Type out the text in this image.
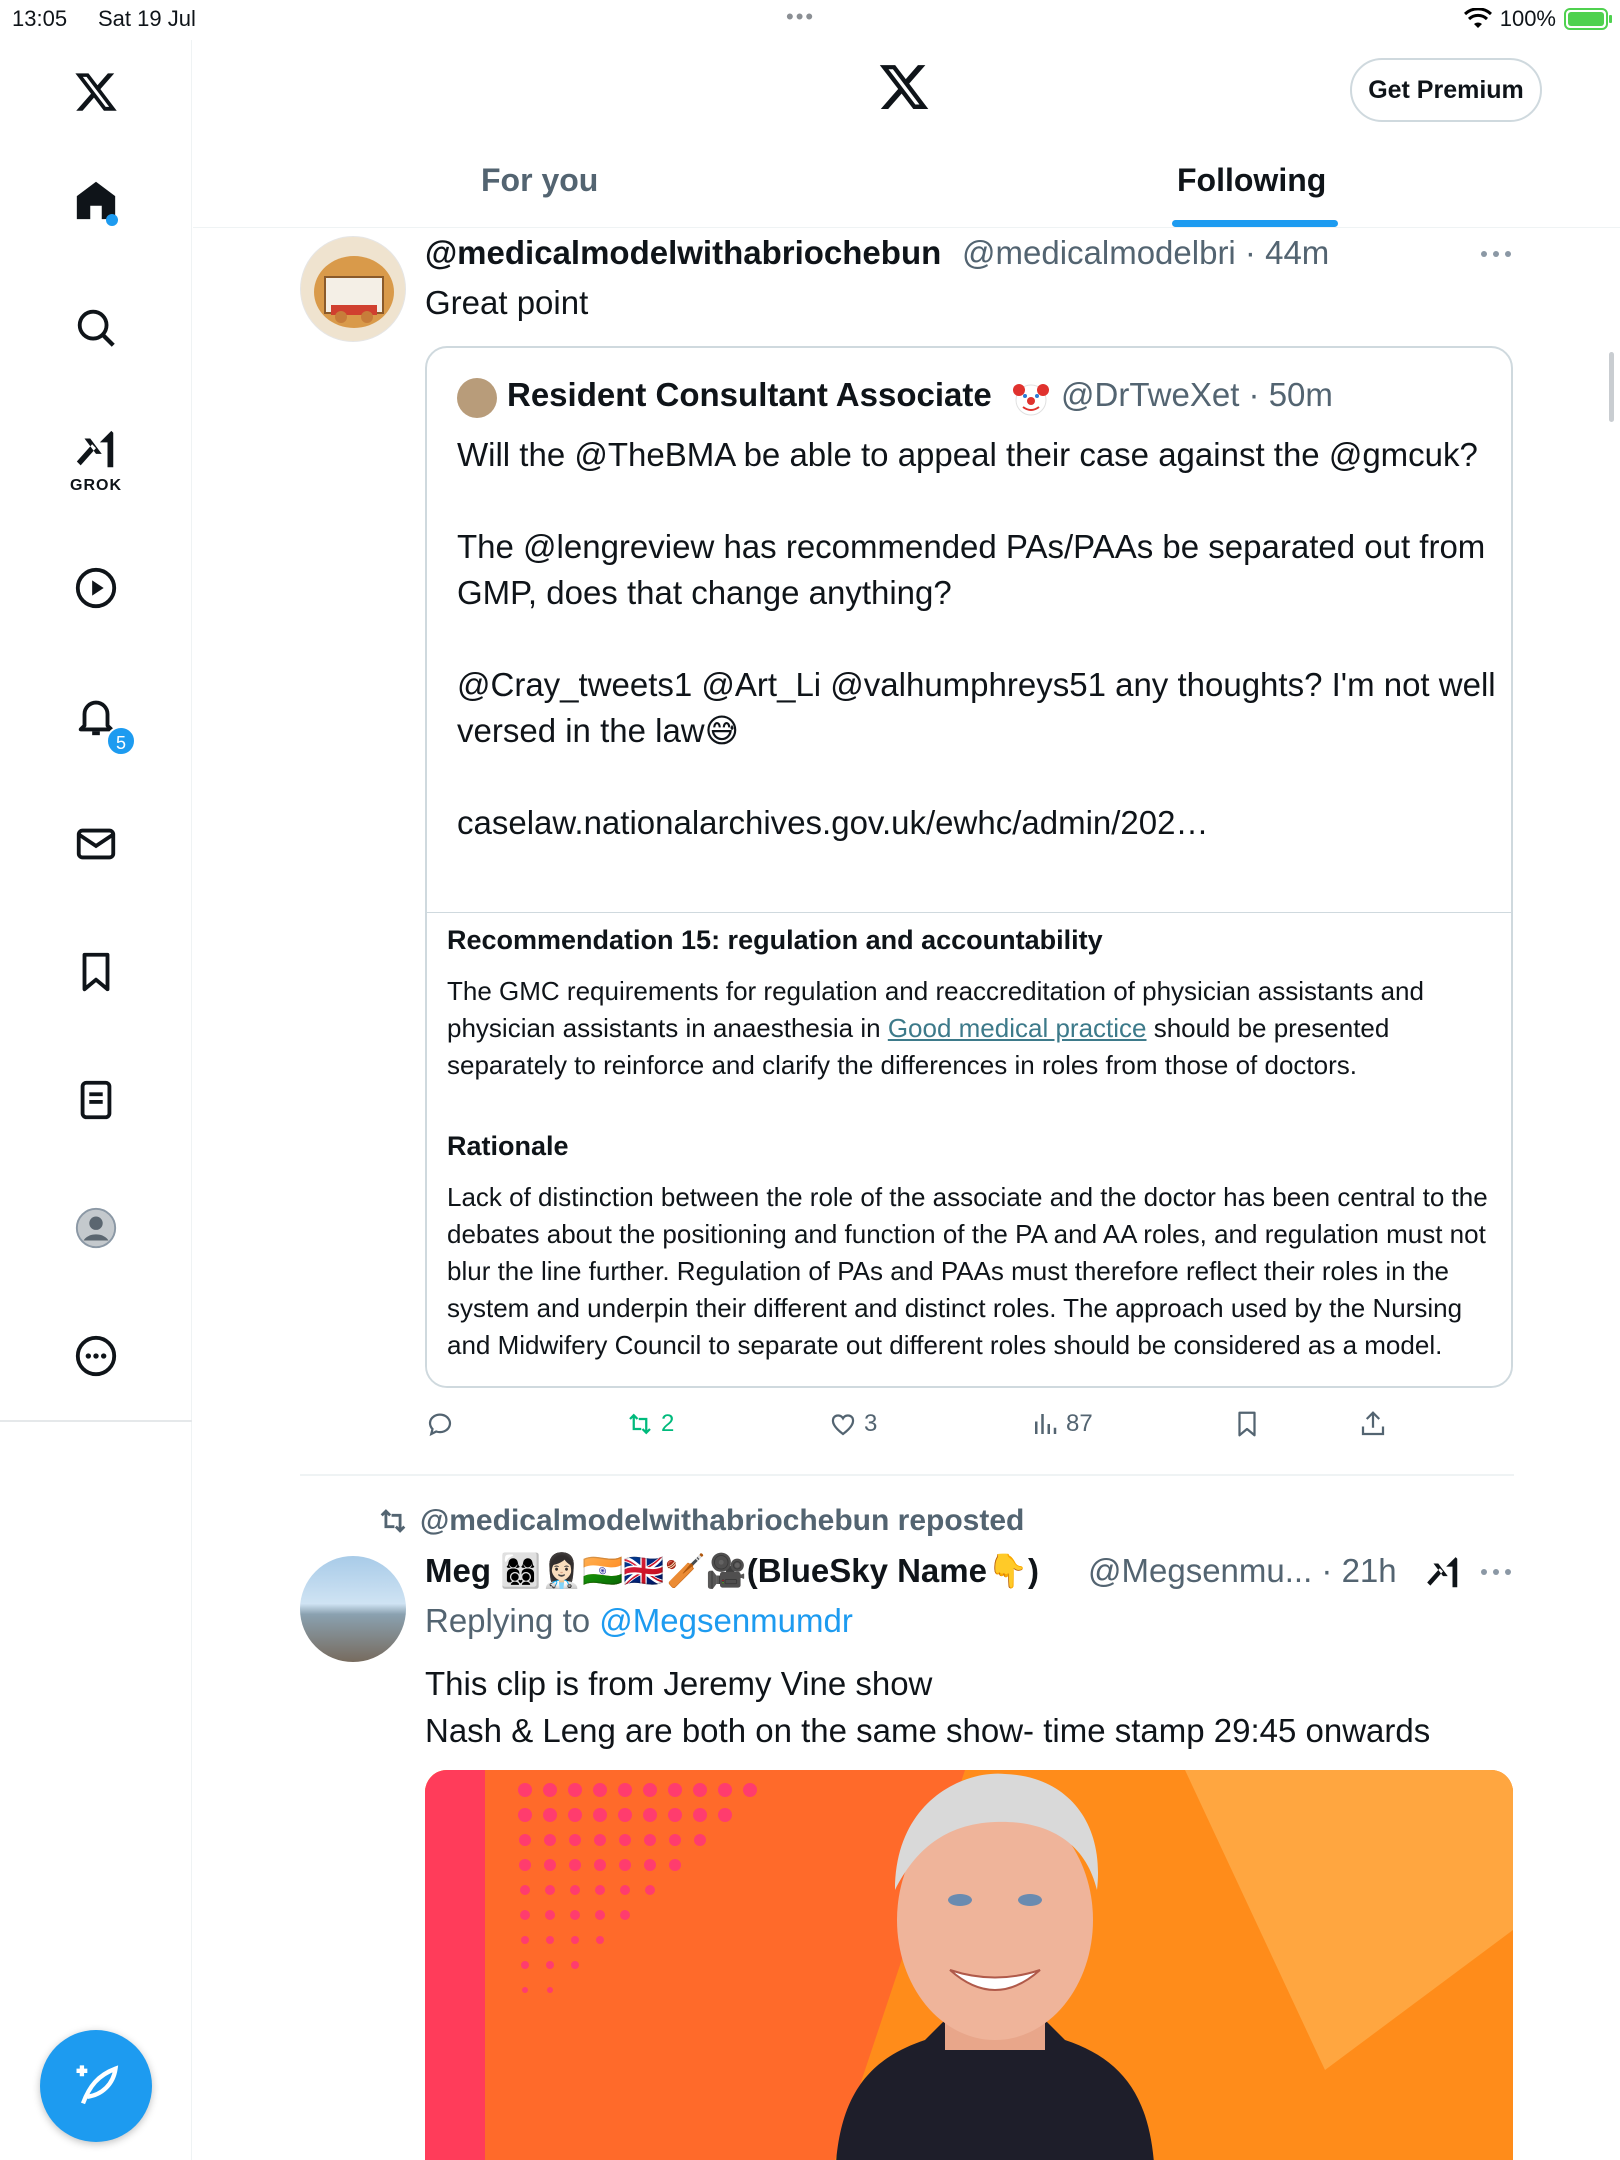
13:05 Sat 19 Jul	•••	100%
GROK
5
Get Premium
For you	Following
@medicalmodelwithabriochebun @medicalmodelbri · 44m
Great point
Resident Consultant Associate @DrTweXet · 50m

Will the @TheBMA be able to appeal their case against the @gmcuk?

The @lengreview has recommended PAs/PAAs be separated out from GMP, does that change anything?

@Cray_tweets1 @Art_Li @valhumphreys51 any thoughts? I'm not well versed in the law😅

caselaw.nationalarchives.gov.uk/ewhc/admin/202…

Recommendation 15: regulation and accountability
The GMC requirements for regulation and reaccreditation of physician assistants and physician assistants in anaesthesia in Good medical practice should be presented separately to reinforce and clarify the differences in roles from those of doctors.
Rationale
Lack of distinction between the role of the associate and the doctor has been central to the debates about the positioning and function of the PA and AA roles, and regulation must not blur the line further. Regulation of PAs and PAAs must therefore reflect their roles in the system and underpin their different and distinct roles. The approach used by the Nursing and Midwifery Council to separate out different roles should be considered as a model.
2	3	87
@medicalmodelwithabriochebun reposted
Meg 👩‍👩‍👦‍👦👩🏻‍⚕️🇮🇳🇬🇧🏏🎥(BlueSky Name👇) @Megsenmu... · 21h
Replying to @Megsenmumdr
This clip is from Jeremy Vine show
Nash & Leng are both on the same show- time stamp 29:45 onwards
